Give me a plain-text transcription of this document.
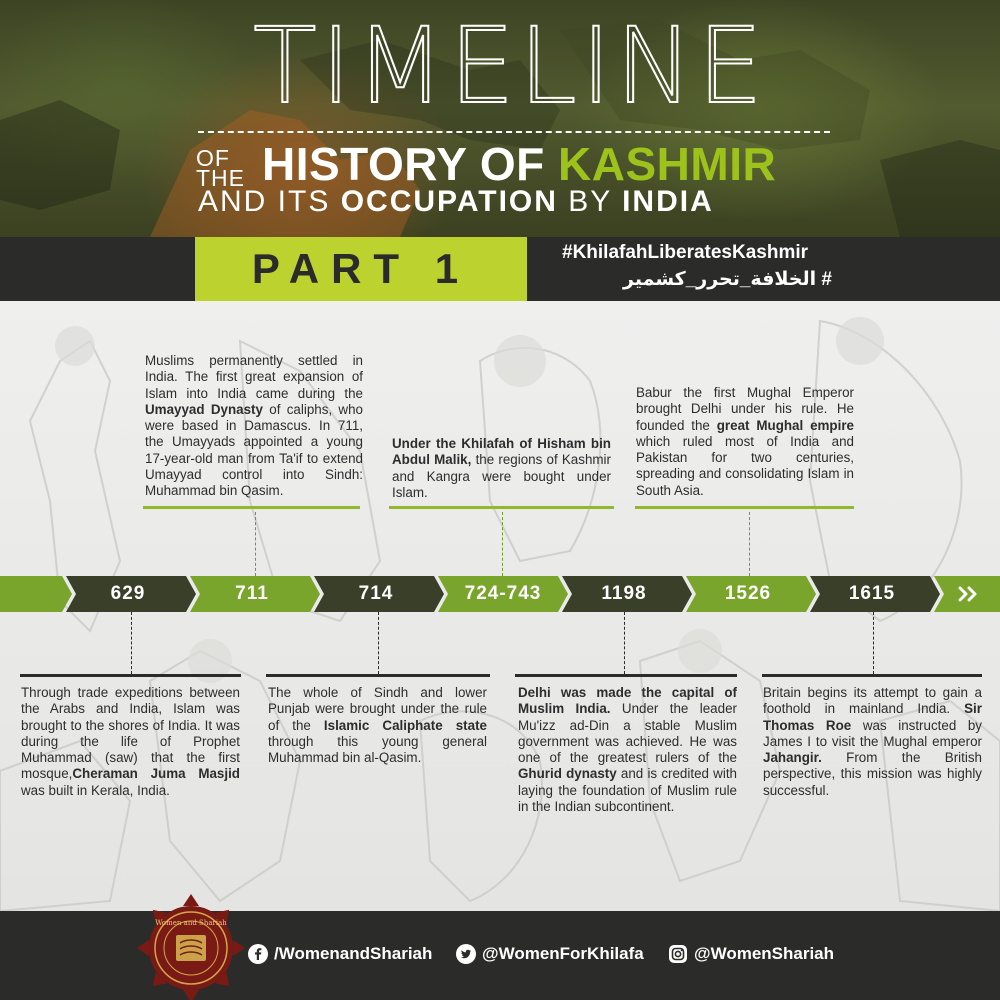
TIMELINE
OF
THE HISTORY OF KASHMIR
AND ITS OCCUPATION BY INDIA
PART 1	#KhilafahLiberatesKashmir
# الخلافة_تحرر_كشمير
Muslims permanently settled in India. The first great expansion of Islam into India came during the Umayyad Dynasty of caliphs, who were based in Damascus. In 711, the Umayyads appointed a young 17-year-old man from Ta'if to extend Umayyad control into Sindh: Muhammad bin Qasim.
Under the Khilafah of Hisham bin Abdul Malik, the regions of Kashmir and Kangra were bought under Islam.
Babur the first Mughal Emperor brought Delhi under his rule. He founded the great Mughal empire which ruled most of India and Pakistan for two centuries, spreading and consolidating Islam in South Asia.
629	711	714	724-743	1198	1526	1615
Through trade expeditions between the Arabs and India, Islam was brought to the shores of India. It was during the life of Prophet Muhammad (saw) that the first mosque,Cheraman Juma Masjid was built in Kerala, India.
The whole of Sindh and lower Punjab were brought under the rule of the Islamic Caliphate state through this young general Muhammad bin al-Qasim.
Delhi was made the capital of Muslim India. Under the leader Mu'izz ad-Din a stable Muslim government was achieved. He was one of the greatest rulers of the Ghurid dynasty and is credited with laying the foundation of Muslim rule in the Indian subcontinent.
Britain begins its attempt to gain a foothold in mainland India. Sir Thomas Roe was instructed by James I to visit the Mughal emperor Jahangir. From the British perspective, this mission was highly successful.
Women and Shariah
/WomenandShariah	@WomenForKhilafa	@WomenShariah
